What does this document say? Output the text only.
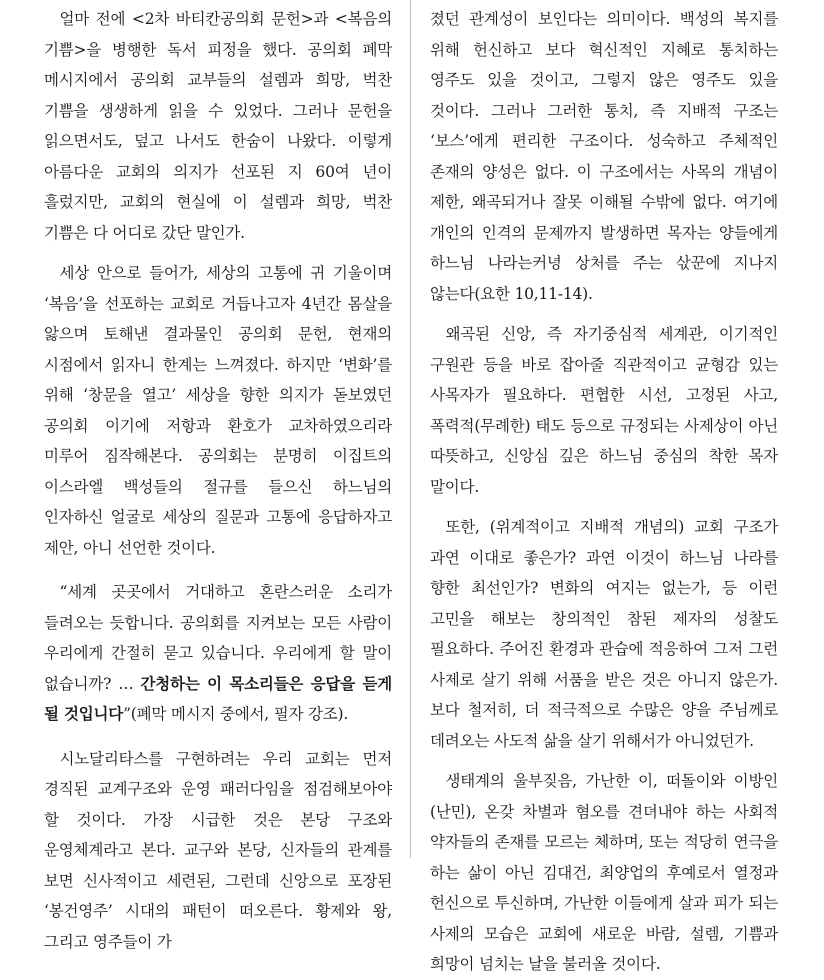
얼마 전에 <2차 바티칸공의회 문헌>과 <복음의 기쁨>을 병행한 독서 피정을 했다. 공의회 폐막 메시지에서 공의회 교부들의 설렘과 희망, 벅찬 기쁨을 생생하게 읽을 수 있었다. 그러나 문헌을 읽으면서도, 덮고 나서도 한숨이 나왔다. 이렇게 아름다운 교회의 의지가 선포된 지 60여 년이 흘렀지만, 교회의 현실에 이 설렘과 희망, 벅찬 기쁨은 다 어디로 갔단 말인가.

세상 안으로 들어가, 세상의 고통에 귀 기울이며 ‘복음’을 선포하는 교회로 거듭나고자 4년간 몸살을 앓으며 토해낸 결과물인 공의회 문헌, 현재의 시점에서 읽자니 한계는 느껴졌다. 하지만 ‘변화’를 위해 ‘창문을 열고’ 세상을 향한 의지가 돋보였던 공의회 이기에 저항과 환호가 교차하였으리라 미루어 짐작해본다. 공의회는 분명히 이집트의 이스라엘 백성들의 절규를 들으신 하느님의 인자하신 얼굴로 세상의 질문과 고통에 응답하자고 제안, 아니 선언한 것이다.

“세계 곳곳에서 거대하고 혼란스러운 소리가 들려오는 듯합니다. 공의회를 지켜보는 모든 사람이 우리에게 간절히 묻고 있습니다. 우리에게 할 말이 없습니까? … 간청하는 이 목소리들은 응답을 듣게 될 것입니다”(폐막 메시지 중에서, 필자 강조).

시노달리타스를 구현하려는 우리 교회는 먼저 경직된 교계구조와 운영 패러다임을 점검해보아야 할 것이다. 가장 시급한 것은 본당 구조와 운영체계라고 본다. 교구와 본당, 신자들의 관계를 보면 신사적이고 세련된, 그런데 신앙으로 포장된 ‘봉건영주’ 시대의 패턴이 떠오른다. 황제와 왕, 그리고 영주들이 가

졌던 관계성이 보인다는 의미이다. 백성의 복지를 위해 헌신하고 보다 혁신적인 지혜로 통치하는 영주도 있을 것이고, 그렇지 않은 영주도 있을 것이다. 그러나 그러한 통치, 즉 지배적 구조는 ‘보스’에게 편리한 구조이다. 성숙하고 주체적인 존재의 양성은 없다. 이 구조에서는 사목의 개념이 제한, 왜곡되거나 잘못 이해될 수밖에 없다. 여기에 개인의 인격의 문제까지 발생하면 목자는 양들에게 하느님 나라는커녕 상처를 주는 삯꾼에 지나지 않는다(요한 10,11-14).

왜곡된 신앙, 즉 자기중심적 세계관, 이기적인 구원관 등을 바로 잡아줄 직관적이고 균형감 있는 사목자가 필요하다. 편협한 시선, 고정된 사고, 폭력적(무례한) 태도 등으로 규정되는 사제상이 아닌 따뜻하고, 신앙심 깊은 하느님 중심의 착한 목자 말이다.

또한, (위계적이고 지배적 개념의) 교회 구조가 과연 이대로 좋은가? 과연 이것이 하느님 나라를 향한 최선인가? 변화의 여지는 없는가, 등 이런 고민을 해보는 창의적인 참된 제자의 성찰도 필요하다. 주어진 환경과 관습에 적응하여 그저 그런 사제로 살기 위해 서품을 받은 것은 아니지 않은가. 보다 철저히, 더 적극적으로 수많은 양을 주님께로 데려오는 사도적 삶을 살기 위해서가 아니었던가.

생태계의 울부짖음, 가난한 이, 떠돌이와 이방인(난민), 온갖 차별과 혐오를 견뎌내야 하는 사회적 약자들의 존재를 모르는 체하며, 또는 적당히 연극을 하는 삶이 아닌 김대건, 최양업의 후예로서 열정과 헌신으로 투신하며, 가난한 이들에게 살과 피가 되는 사제의 모습은 교회에 새로운 바람, 설렘, 기쁨과 희망이 넘치는 날을 불러올 것이다.
